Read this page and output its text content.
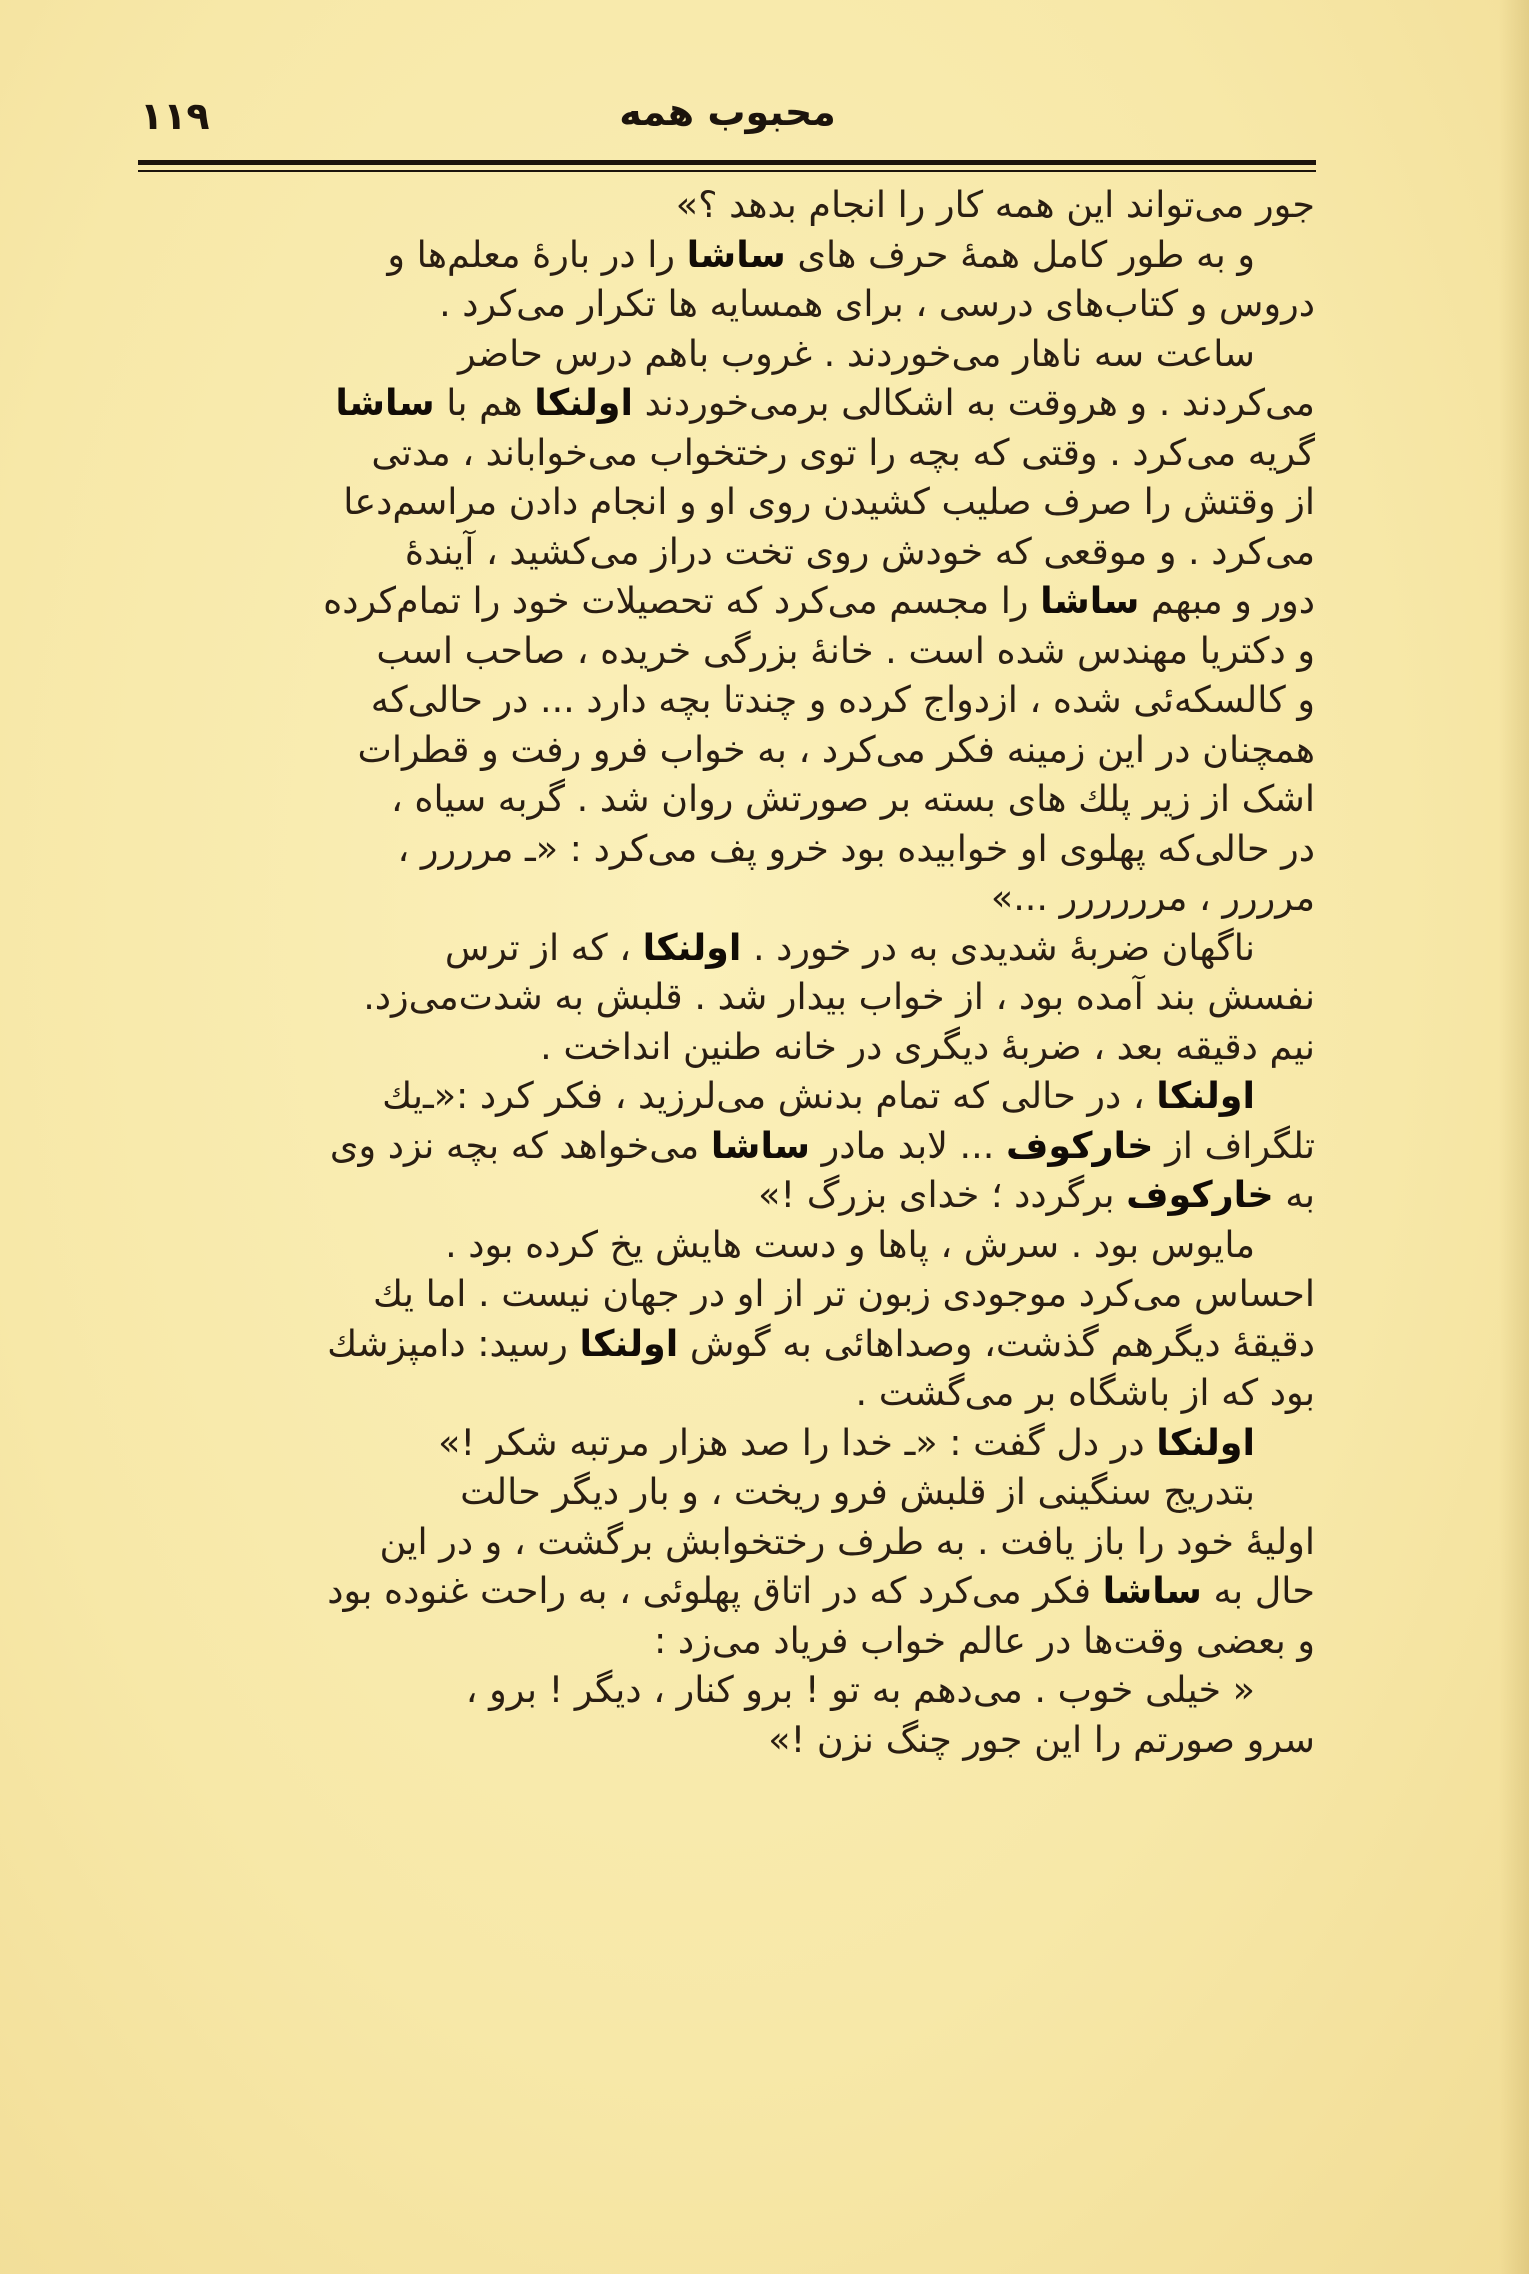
۱۱۹	محبوب همه
جور می‌تواند این همه کار را انجام بدهد ؟»
و به طور کامل همهٔ حرف های ساشا را در بارهٔ معلم‌ها و
دروس و کتاب‌های درسی ، برای همسایه ها تکرار می‌کرد .
ساعت سه ناهار می‌خوردند . غروب باهم درس حاضر
می‌کردند . و هروقت به اشکالی برمی‌خوردند اولنکا هم با ساشا
گریه می‌کرد . وقتی که بچه را توی رختخواب می‌خواباند ، مدتی
از وقتش را صرف صلیب کشیدن روی او و انجام دادن مراسم‌دعا
می‌کرد . و موقعی که خودش روی تخت دراز می‌کشید ، آیندهٔ
دور و مبهم ساشا را مجسم می‌کرد که تحصیلات خود را تمام‌کرده
و دکتریا مهندس شده است . خانهٔ بزرگی خریده ، صاحب اسب
و کالسکه‌ئی شده ، ازدواج کرده و چندتا بچه دارد ... در حالی‌که
همچنان در این زمینه فکر می‌کرد ، به خواب فرو رفت و قطرات
اشک از زیر پلك های بسته بر صورتش روان شد . گربه سیاه ،
در حالی‌که پهلوی او خوابیده بود خرو پف می‌کرد : «ـ مرررر ،
مرررر ، مرررررر ...»
ناگهان ضربهٔ شدیدی به در خورد . اولنکا ، که از ترس
نفسش بند آمده بود ، از خواب بیدار شد . قلبش به شدت‌می‌زد.
نیم دقیقه بعد ، ضربهٔ دیگری در خانه طنین انداخت .
اولنکا ، در حالی که تمام بدنش می‌لرزید ، فکر کرد :«ـ‌یك
تلگراف از خارکوف ... لابد مادر ساشا می‌خواهد که بچه نزد وی
به خارکوف برگردد ؛ خدای بزرگ !»
مایوس بود . سرش ، پاها و دست هایش یخ کرده بود .
احساس می‌کرد موجودی زبون تر از او در جهان نیست . اما یك
دقیقهٔ دیگرهم گذشت، وصداهائی به گوش اولنکا رسید: دامپزشك
بود که از باشگاه بر می‌گشت .
اولنکا در دل گفت : «ـ خدا را صد هزار مرتبه شکر !»
بتدریج سنگینی از قلبش فرو ریخت ، و بار دیگر حالت
اولیهٔ خود را باز یافت . به طرف رختخوابش برگشت ، و در این
حال به ساشا فکر می‌کرد که در اتاق پهلوئی ، به راحت غنوده بود
و بعضی وقت‌ها در عالم خواب فریاد می‌زد :
« خیلی خوب . می‌دهم به تو ! برو کنار ، دیگر ! برو ،
سرو صورتم را این جور چنگ نزن !»
